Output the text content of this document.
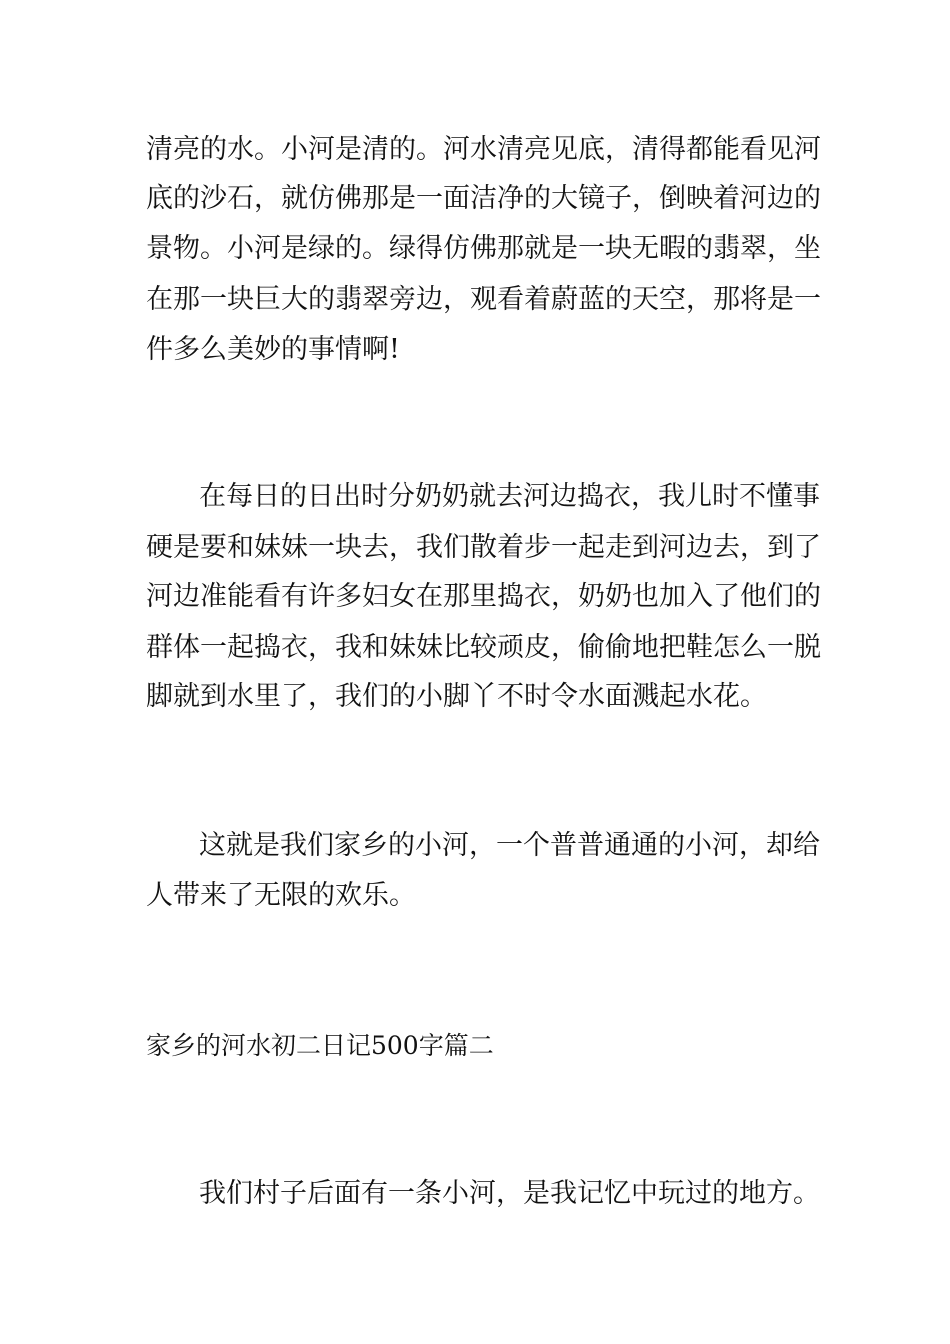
清亮的水。小河是清的。河水清亮见底，清得都能看见河
底的沙石，就仿佛那是一面洁净的大镜子，倒映着河边的
景物。小河是绿的。绿得仿佛那就是一块无暇的翡翠，坐
在那一块巨大的翡翠旁边，观看着蔚蓝的天空，那将是一
件多么美妙的事情啊!
在每日的日出时分奶奶就去河边捣衣，我儿时不懂事
硬是要和妹妹一块去，我们散着步一起走到河边去，到了
河边准能看有许多妇女在那里捣衣，奶奶也加入了他们的
群体一起捣衣，我和妹妹比较顽皮，偷偷地把鞋怎么一脱
脚就到水里了，我们的小脚丫不时令水面溅起水花。
这就是我们家乡的小河，一个普普通通的小河，却给
人带来了无限的欢乐。
家乡的河水初二日记500字篇二
我们村子后面有一条小河，是我记忆中玩过的地方。
